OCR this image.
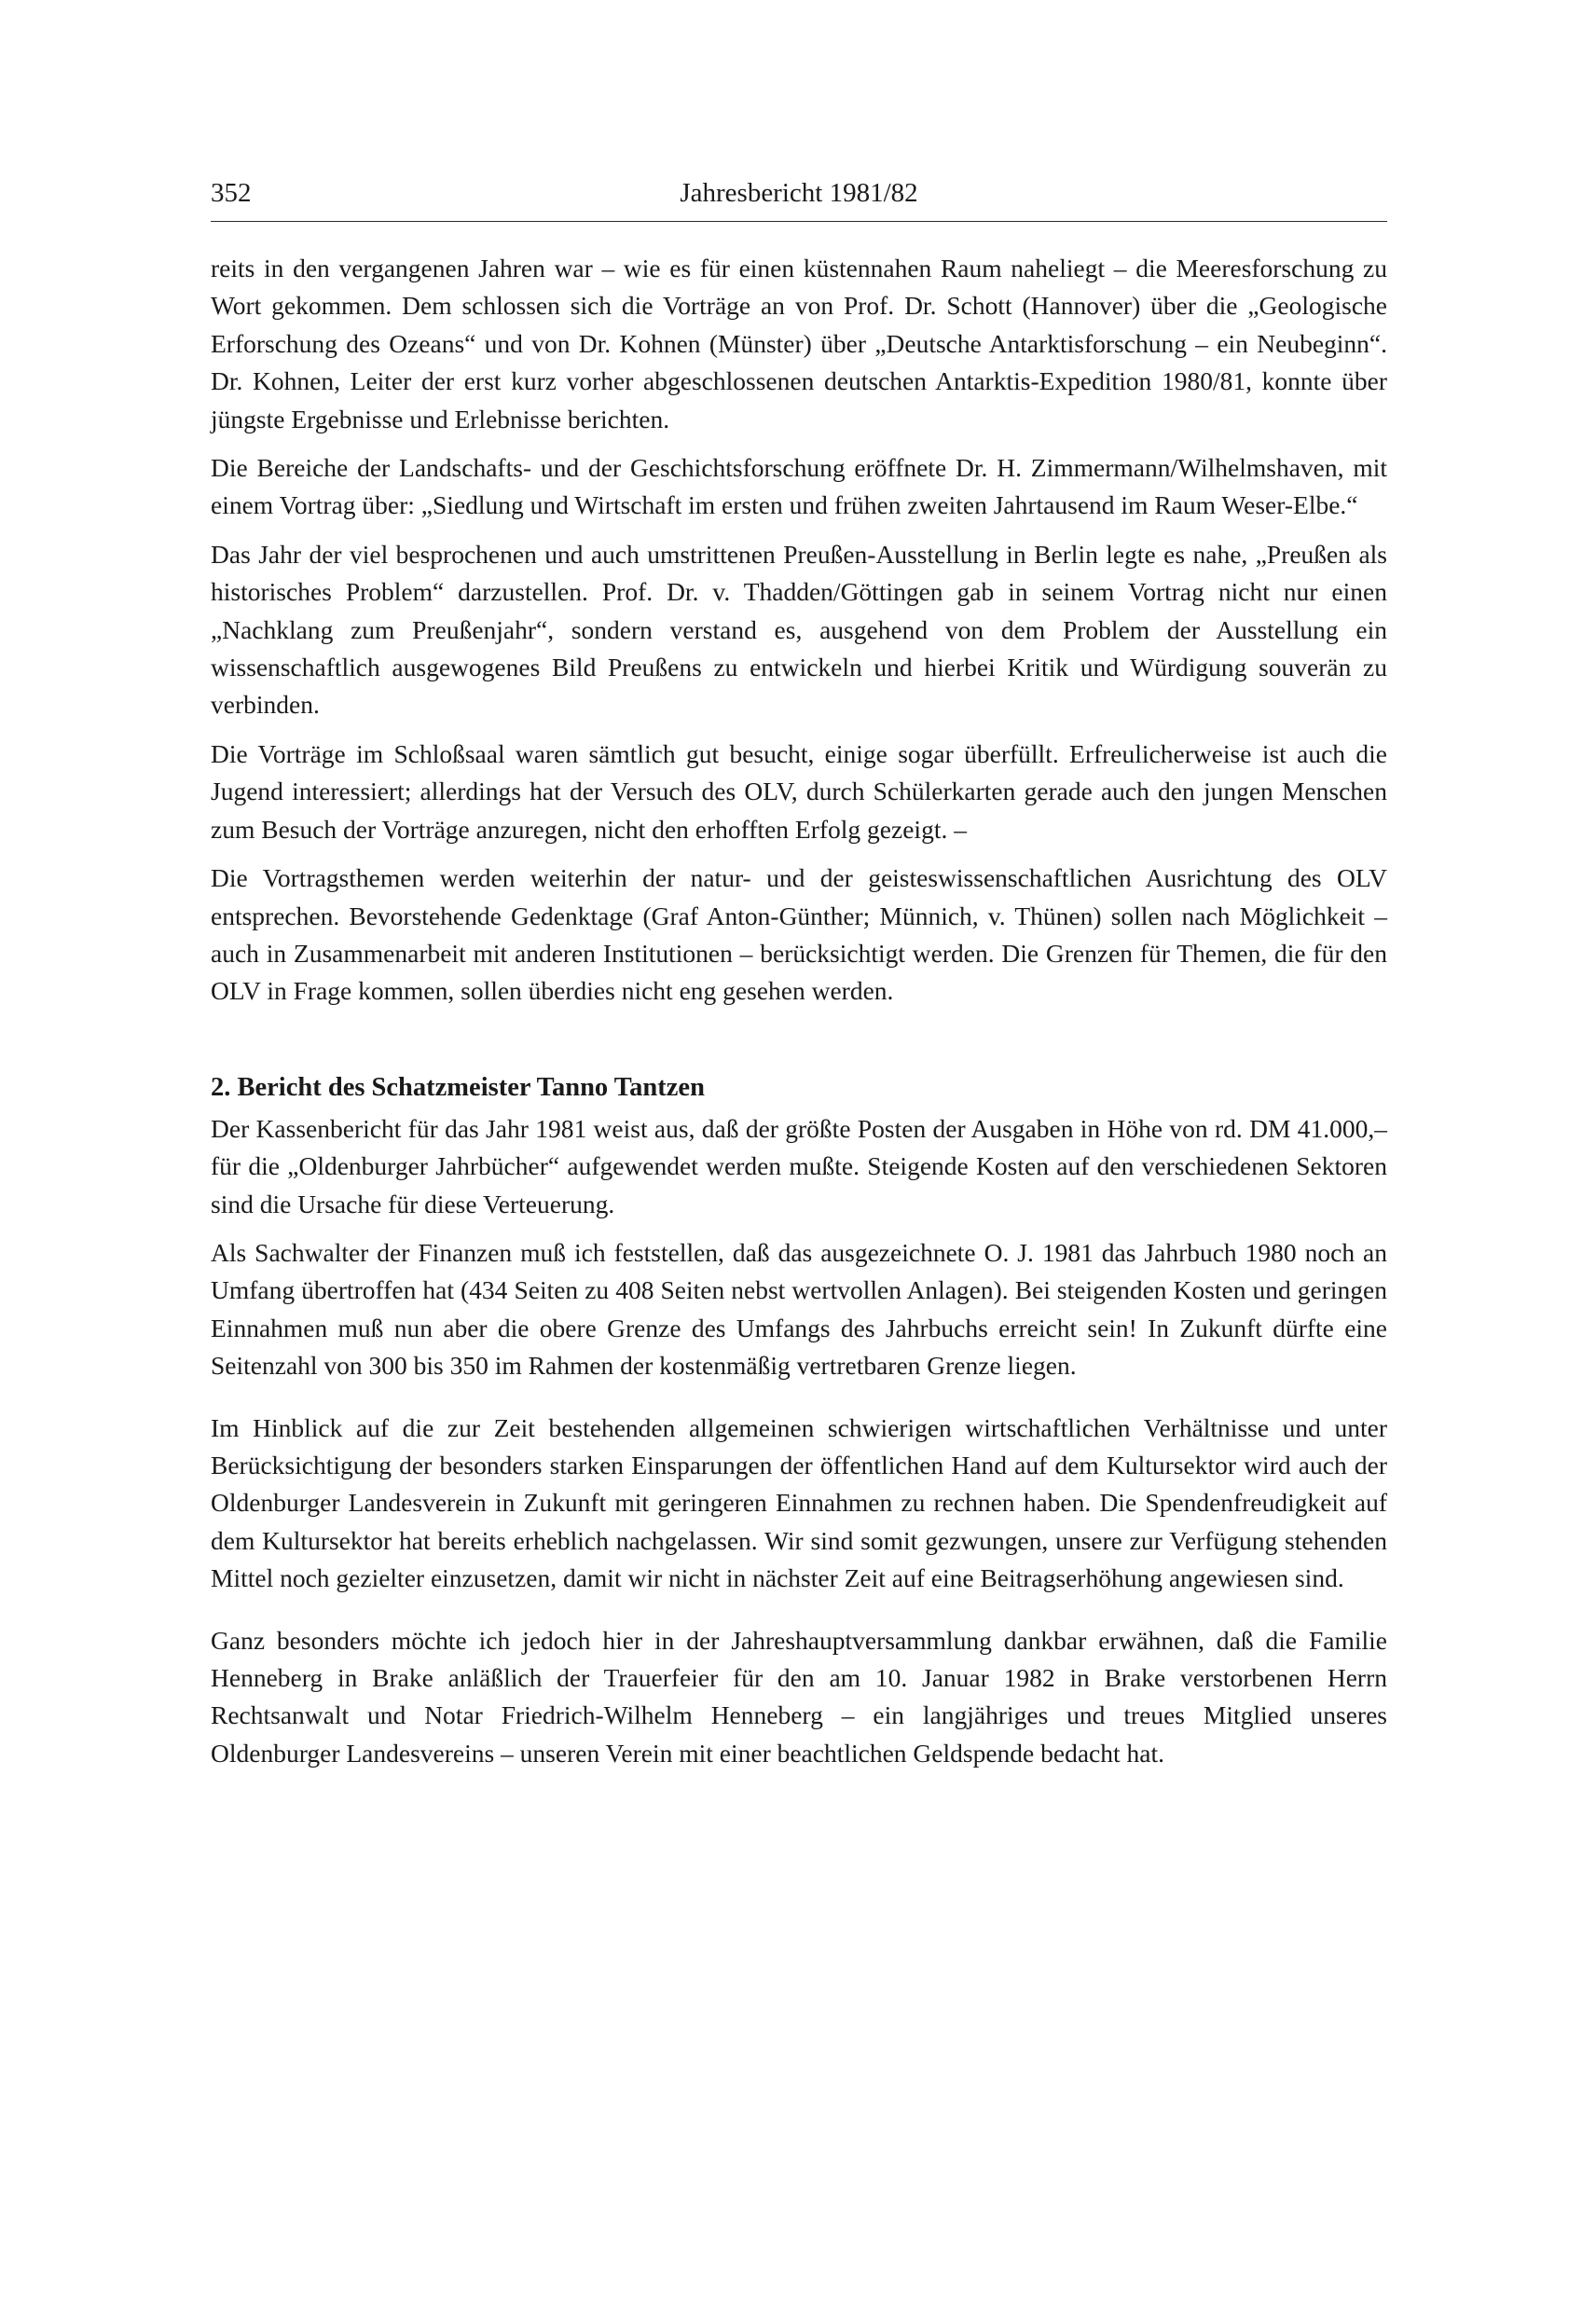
352	Jahresbericht 1981/82

reits in den vergangenen Jahren war – wie es für einen küstennahen Raum naheliegt – die Meeresforschung zu Wort gekommen. Dem schlossen sich die Vorträge an von Prof. Dr. Schott (Hannover) über die „Geologische Erforschung des Ozeans“ und von Dr. Kohnen (Münster) über „Deutsche Antarktisforschung – ein Neubeginn“. Dr. Kohnen, Leiter der erst kurz vorher abgeschlossenen deutschen Antarktis-Expedition 1980/81, konnte über jüngste Ergebnisse und Erlebnisse berichten.

Die Bereiche der Landschafts- und der Geschichtsforschung eröffnete Dr. H. Zimmermann/Wilhelmshaven, mit einem Vortrag über: „Siedlung und Wirtschaft im ersten und frühen zweiten Jahrtausend im Raum Weser-Elbe.“

Das Jahr der viel besprochenen und auch umstrittenen Preußen-Ausstellung in Berlin legte es nahe, „Preußen als historisches Problem“ darzustellen. Prof. Dr. v. Thadden/Göttingen gab in seinem Vortrag nicht nur einen „Nachklang zum Preußenjahr“, sondern verstand es, ausgehend von dem Problem der Ausstellung ein wissenschaftlich ausgewogenes Bild Preußens zu entwickeln und hierbei Kritik und Würdigung souverän zu verbinden.

Die Vorträge im Schloßsaal waren sämtlich gut besucht, einige sogar überfüllt. Erfreulicherweise ist auch die Jugend interessiert; allerdings hat der Versuch des OLV, durch Schülerkarten gerade auch den jungen Menschen zum Besuch der Vorträge anzuregen, nicht den erhofften Erfolg gezeigt. –

Die Vortragsthemen werden weiterhin der natur- und der geisteswissenschaftlichen Ausrichtung des OLV entsprechen. Bevorstehende Gedenktage (Graf Anton-Günther; Münnich, v. Thünen) sollen nach Möglichkeit – auch in Zusammenarbeit mit anderen Institutionen – berücksichtigt werden. Die Grenzen für Themen, die für den OLV in Frage kommen, sollen überdies nicht eng gesehen werden.

2. Bericht des Schatzmeister Tanno Tantzen

Der Kassenbericht für das Jahr 1981 weist aus, daß der größte Posten der Ausgaben in Höhe von rd. DM 41.000,– für die „Oldenburger Jahrbücher“ aufgewendet werden mußte. Steigende Kosten auf den verschiedenen Sektoren sind die Ursache für diese Verteuerung.

Als Sachwalter der Finanzen muß ich feststellen, daß das ausgezeichnete O. J. 1981 das Jahrbuch 1980 noch an Umfang übertroffen hat (434 Seiten zu 408 Seiten nebst wertvollen Anlagen). Bei steigenden Kosten und geringen Einnahmen muß nun aber die obere Grenze des Umfangs des Jahrbuchs erreicht sein! In Zukunft dürfte eine Seitenzahl von 300 bis 350 im Rahmen der kostenmäßig vertretbaren Grenze liegen.

Im Hinblick auf die zur Zeit bestehenden allgemeinen schwierigen wirtschaftlichen Verhältnisse und unter Berücksichtigung der besonders starken Einsparungen der öffentlichen Hand auf dem Kultursektor wird auch der Oldenburger Landesverein in Zukunft mit geringeren Einnahmen zu rechnen haben. Die Spendenfreudigkeit auf dem Kultursektor hat bereits erheblich nachgelassen. Wir sind somit gezwungen, unsere zur Verfügung stehenden Mittel noch gezielter einzusetzen, damit wir nicht in nächster Zeit auf eine Beitragserhöhung angewiesen sind.

Ganz besonders möchte ich jedoch hier in der Jahreshauptversammlung dankbar erwähnen, daß die Familie Henneberg in Brake anläßlich der Trauerfeier für den am 10. Januar 1982 in Brake verstorbenen Herrn Rechtsanwalt und Notar Friedrich-Wilhelm Henneberg – ein langjähriges und treues Mitglied unseres Oldenburger Landesvereins – unseren Verein mit einer beachtlichen Geldspende bedacht hat.
